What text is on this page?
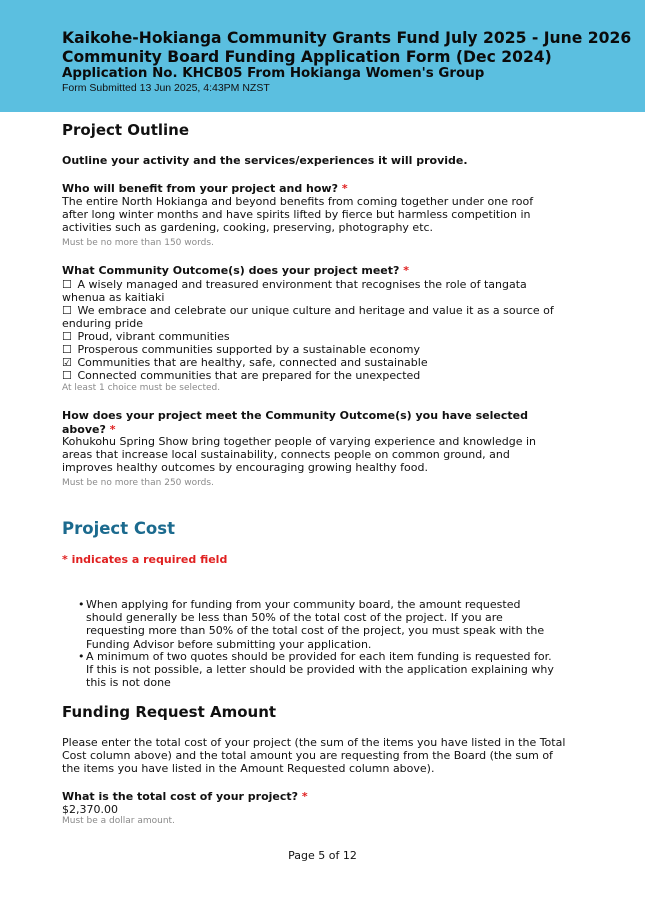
Kaikohe-Hokianga Community Grants Fund July 2025 - June 2026
Community Board Funding Application Form (Dec 2024)
Application No. KHCB05 From Hokianga Women's Group
Form Submitted 13 Jun 2025, 4:43PM NZST
Project Outline
Outline your activity and the services/experiences it will provide.
Who will benefit from your project and how? *
The entire North Hokianga and beyond benefits from coming together under one roof after long winter months and have spirits lifted by fierce but harmless competition in activities such as gardening, cooking, preserving, photography etc.
Must be no more than 150 words.
What Community Outcome(s) does your project meet? *
☐ A wisely managed and treasured environment that recognises the role of tangata whenua as kaitiaki
☐ We embrace and celebrate our unique culture and heritage and value it as a source of enduring pride
☐ Proud, vibrant communities
☐ Prosperous communities supported by a sustainable economy
☑ Communities that are healthy, safe, connected and sustainable
☐ Connected communities that are prepared for the unexpected
At least 1 choice must be selected.
How does your project meet the Community Outcome(s) you have selected above? *
Kohukohu Spring Show bring together people of varying experience and knowledge in areas that increase local sustainability, connects people on common ground, and improves healthy outcomes by encouraging growing healthy food.
Must be no more than 250 words.
Project Cost
* indicates a required field
• When applying for funding from your community board, the amount requested should generally be less than 50% of the total cost of the project. If you are requesting more than 50% of the total cost of the project, you must speak with the Funding Advisor before submitting your application.
• A minimum of two quotes should be provided for each item funding is requested for. If this is not possible, a letter should be provided with the application explaining why this is not done
Funding Request Amount
Please enter the total cost of your project (the sum of the items you have listed in the Total Cost column above) and the total amount you are requesting from the Board (the sum of the items you have listed in the Amount Requested column above).
What is the total cost of your project? *
$2,370.00
Must be a dollar amount.
Page 5 of 12
